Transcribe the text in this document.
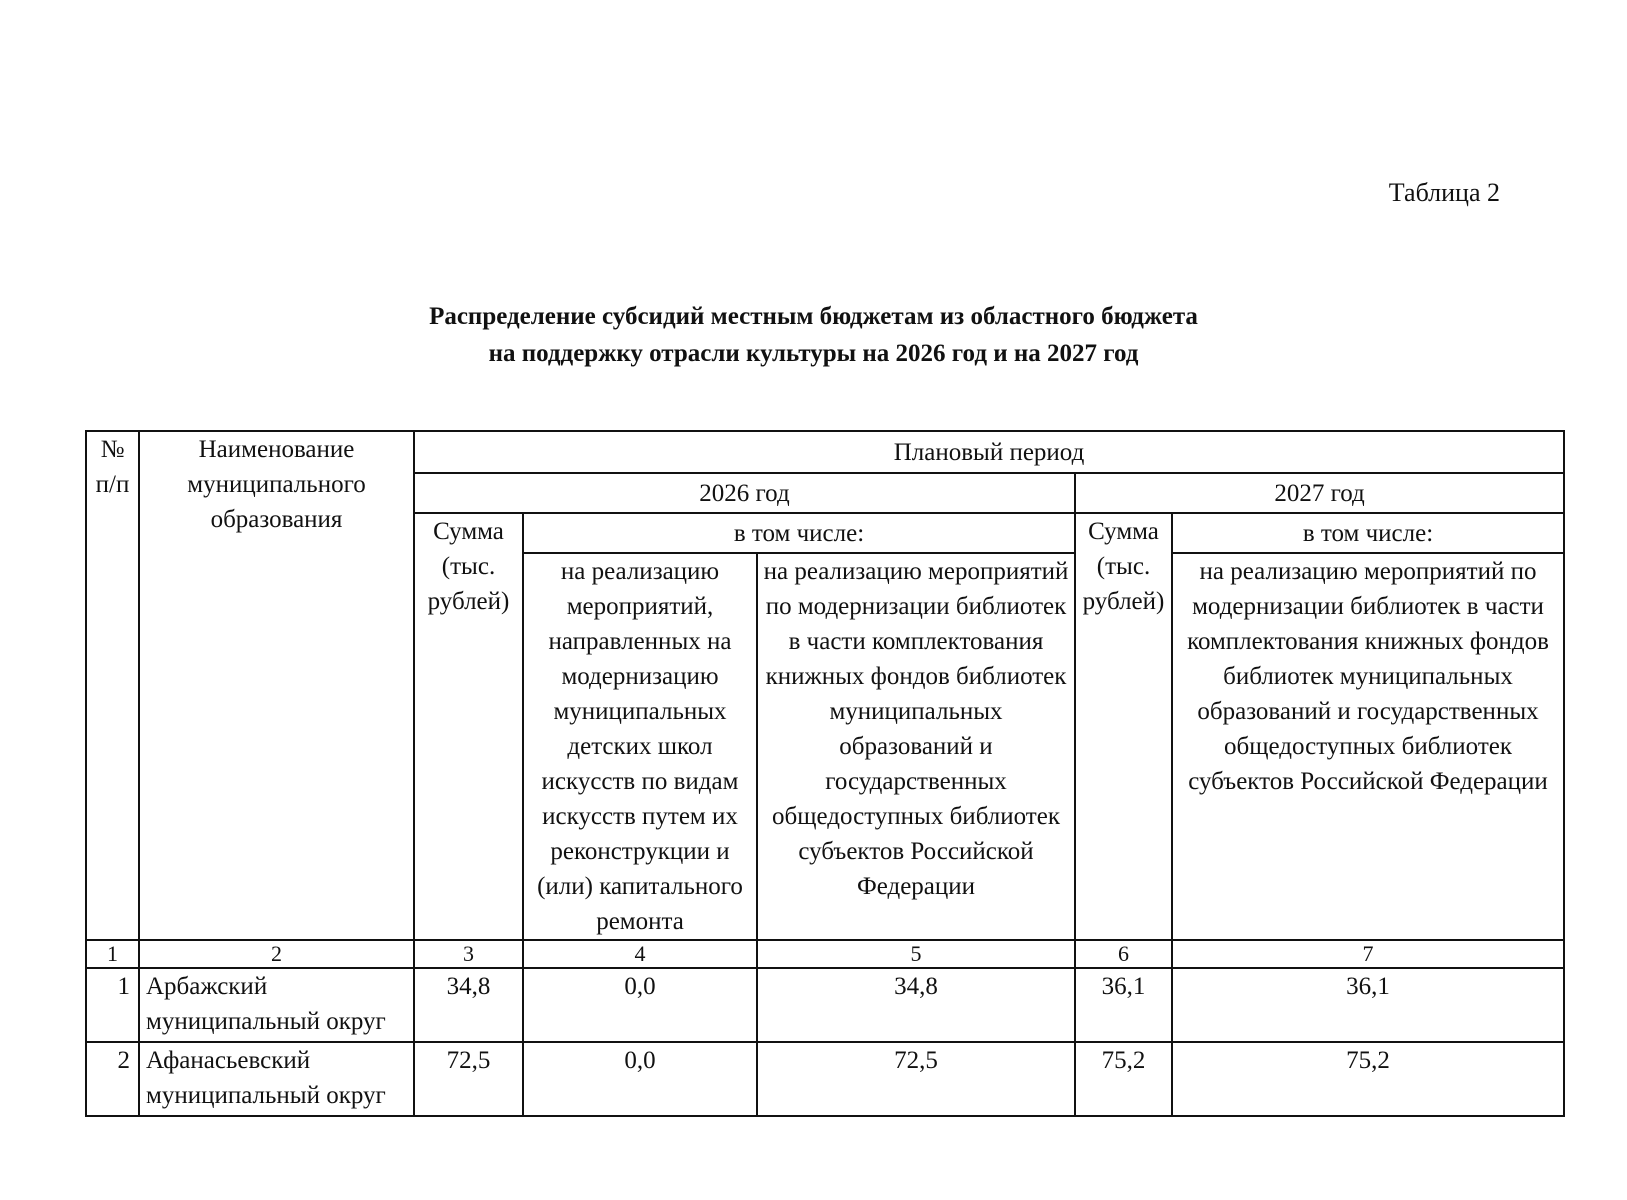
Таблица 2
Распределение субсидий местным бюджетам из областного бюджета
на поддержку отрасли культуры на 2026 год и на 2027 год
№ п/п	Наименование муниципального образования	Плановый период				
		2026 год			2027 год	
		Сумма (тыс. рублей)	в том числе:		Сумма (тыс. рублей)	в том числе:
			на реализацию мероприятий, направленных на модернизацию муниципальных детских школ искусств по видам искусств путем их реконструкции и (или) капитального ремонта	на реализацию мероприятий по модернизации библиотек в части комплектования книжных фондов библиотек муниципальных образований и государственных общедоступных библиотек субъектов Российской Федерации		на реализацию мероприятий по модернизации библиотек в части комплектования книжных фондов библиотек муниципальных образований и государственных общедоступных библиотек субъектов Российской Федерации
1	2	3	4	5	6	7
1	Арбажский муниципальный округ	34,8	0,0	34,8	36,1	36,1
2	Афанасьевский муниципальный округ	72,5	0,0	72,5	75,2	75,2
